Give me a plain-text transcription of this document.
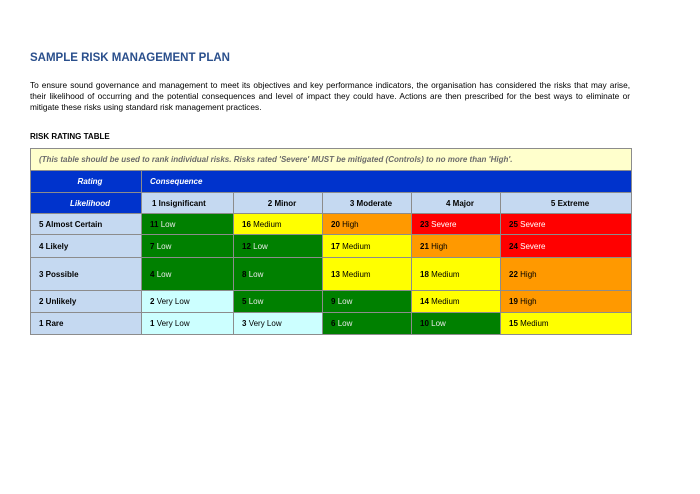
SAMPLE RISK MANAGEMENT PLAN
To ensure sound governance and management to meet its objectives and key performance indicators, the organisation has considered the risks that may arise, their likelihood of occurring and the potential consequences and level of impact they could have. Actions are then prescribed for the best ways to eliminate or mitigate these risks using standard risk management practices.
RISK RATING TABLE
(This table should be used to rank individual risks. Risks rated 'Severe' MUST be mitigated (Controls) to no more than 'High'.					
Rating	Consequence				
Likelihood	1 Insignificant	2 Minor	3 Moderate	4 Major	5 Extreme
5 Almost Certain	11 Low	16 Medium	20 High	23 Severe	25 Severe
4 Likely	7 Low	12 Low	17 Medium	21 High	24 Severe
3 Possible	4 Low	8 Low	13 Medium	18 Medium	22 High
2 Unlikely	2 Very Low	5 Low	9 Low	14 Medium	19 High
1 Rare	1 Very Low	3 Very Low	6 Low	10 Low	15 Medium
